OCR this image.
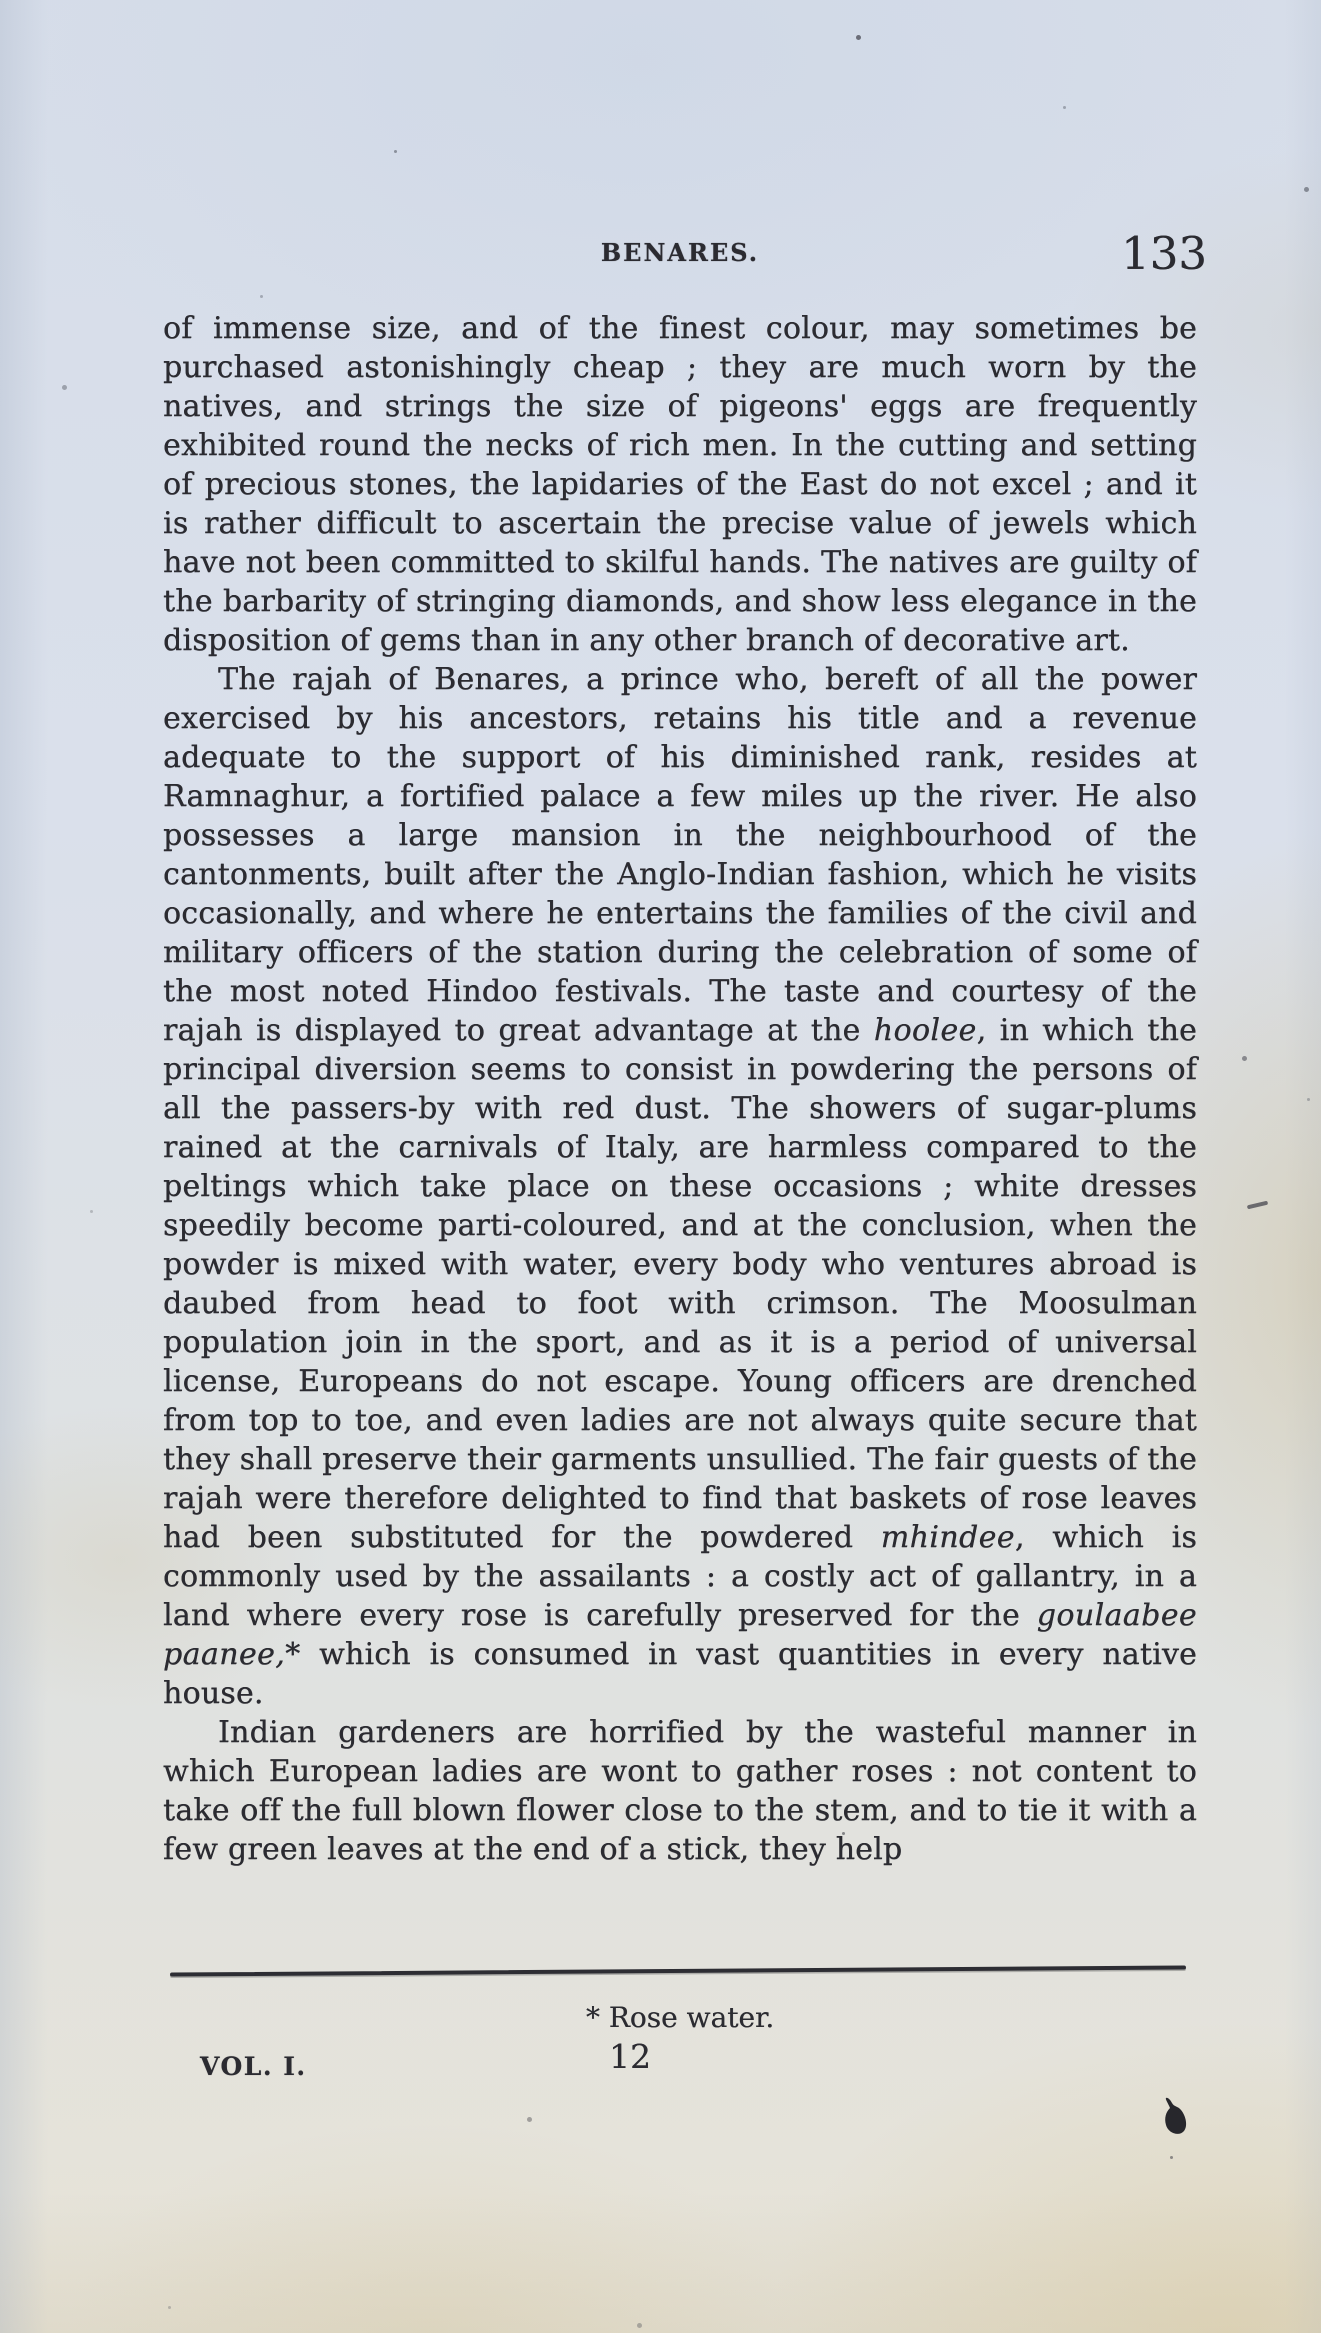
BENARES.	133
of immense size, and of the finest colour, may sometimes be purchased astonishingly cheap ; they are much worn by the natives, and strings the size of pigeons' eggs are frequently exhibited round the necks of rich men. In the cutting and setting of precious stones, the lapidaries of the East do not excel ; and it is rather difficult to ascertain the precise value of jewels which have not been committed to skilful hands. The natives are guilty of the barbarity of stringing diamonds, and show less elegance in the disposition of gems than in any other branch of decorative art.
The rajah of Benares, a prince who, bereft of all the power exercised by his ancestors, retains his title and a revenue adequate to the support of his diminished rank, resides at Ramnaghur, a fortified palace a few miles up the river. He also possesses a large mansion in the neighbourhood of the cantonments, built after the Anglo-Indian fashion, which he visits occasionally, and where he entertains the families of the civil and military officers of the station during the celebration of some of the most noted Hindoo festivals. The taste and courtesy of the rajah is displayed to great advantage at the hoolee, in which the principal diversion seems to consist in powdering the persons of all the passers-by with red dust. The showers of sugar-plums rained at the carnivals of Italy, are harmless compared to the peltings which take place on these occasions ; white dresses speedily become parti-coloured, and at the conclusion, when the powder is mixed with water, every body who ventures abroad is daubed from head to foot with crimson. The Moosulman population join in the sport, and as it is a period of universal license, Europeans do not escape. Young officers are drenched from top to toe, and even ladies are not always quite secure that they shall preserve their garments unsullied. The fair guests of the rajah were therefore delighted to find that baskets of rose leaves had been substituted for the powdered mhindee, which is commonly used by the assailants : a costly act of gallantry, in a land where every rose is carefully preserved for the goulaabee paanee,* which is consumed in vast quantities in every native house.
Indian gardeners are horrified by the wasteful manner in which European ladies are wont to gather roses : not content to take off the full blown flower close to the stem, and to tie it with a few green leaves at the end of a stick, they help
* Rose water.
12
VOL. I.
